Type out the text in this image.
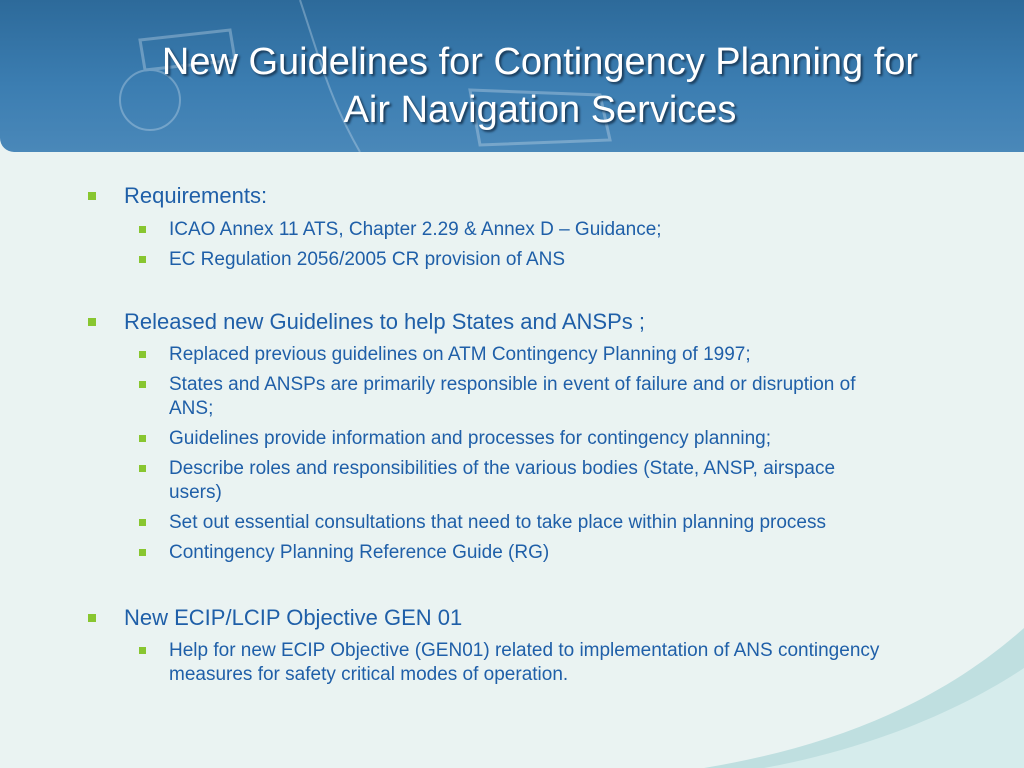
New Guidelines for Contingency Planning for
Air Navigation Services
Requirements:
ICAO Annex 11 ATS, Chapter 2.29 & Annex D – Guidance;
EC Regulation 2056/2005 CR provision of ANS
Released new Guidelines to help States and ANSPs ;
Replaced previous guidelines on ATM Contingency Planning of 1997;
States and ANSPs are primarily responsible in event of failure and or disruption of ANS;
Guidelines provide information and processes for contingency planning;
Describe roles and responsibilities of the various bodies (State, ANSP, airspace users)
Set out essential consultations that need to take place within planning process
Contingency Planning Reference Guide (RG)
New ECIP/LCIP Objective GEN 01
Help for new ECIP Objective (GEN01) related to implementation of ANS contingency measures for safety critical modes of operation.
